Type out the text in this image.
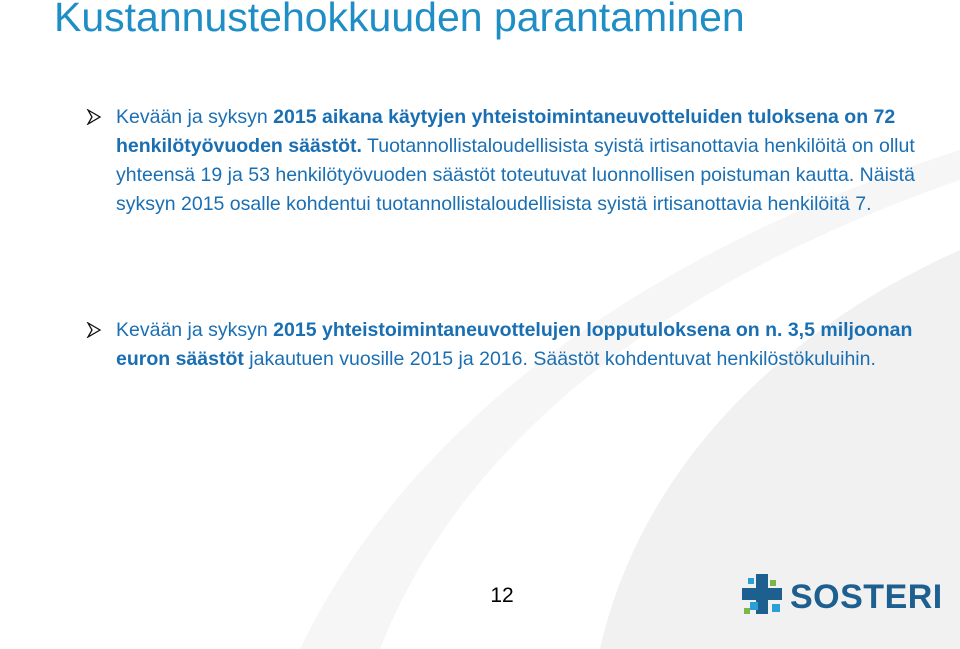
Kustannustehokkuuden parantaminen
Kevään ja syksyn 2015 aikana käytyjen yhteistoimintaneuvotteluiden tuloksena on 72 henkilötyövuoden säästöt. Tuotannollistaloudellisista syistä irtisanottavia henkilöitä on ollut yhteensä 19 ja 53 henkilötyövuoden säästöt toteutuvat luonnollisen poistuman kautta. Näistä syksyn 2015 osalle kohdentui tuotannollistaloudellisista syistä irtisanottavia henkilöitä 7.
Kevään ja syksyn 2015 yhteistoimintaneuvottelujen lopputuloksena on n. 3,5 miljoonan euron säästöt jakautuen vuosille 2015 ja 2016. Säästöt kohdentuvat henkilöstökuluihin.
12	SOSTERI
